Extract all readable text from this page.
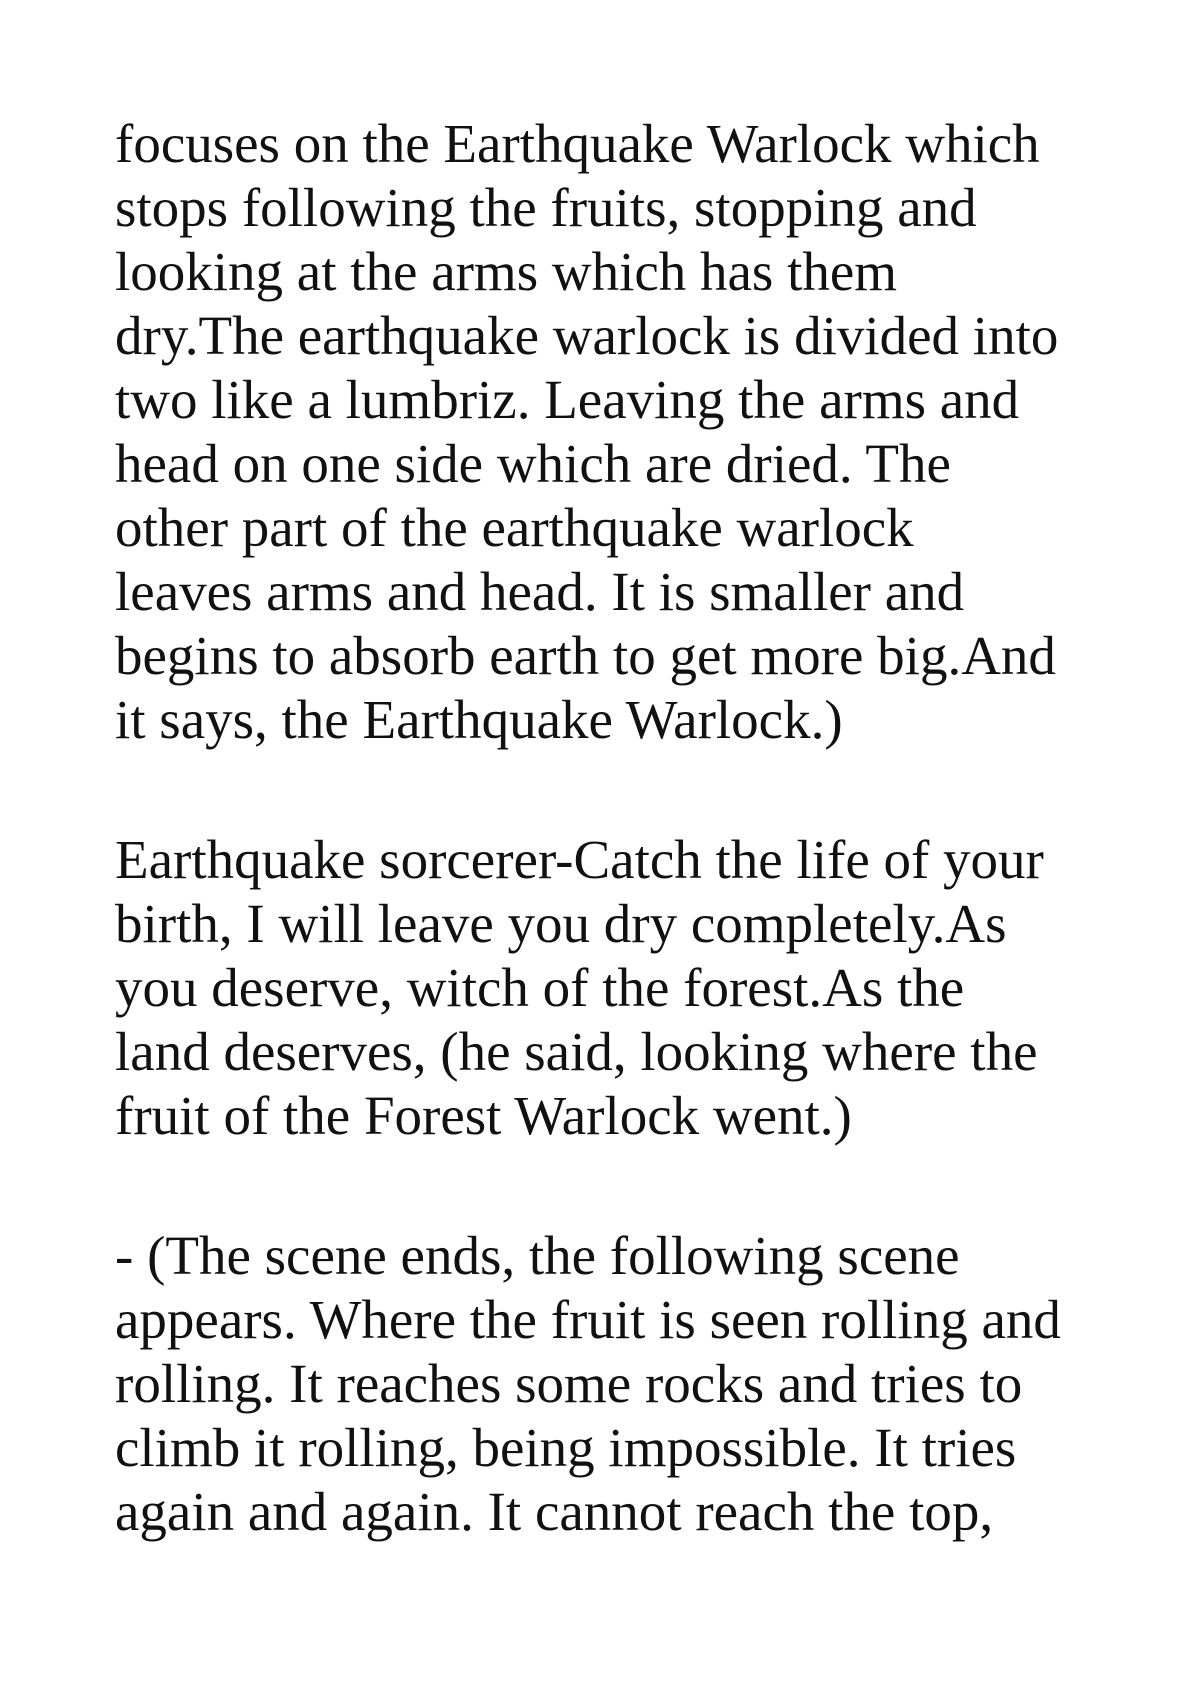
focuses on the Earthquake Warlock which

stops following the fruits, stopping and

looking at the arms which has them

dry.The earthquake warlock is divided into

two like a lumbriz. Leaving the arms and

head on one side which are dried. The

other part of the earthquake warlock

leaves arms and head. It is smaller and

begins to absorb earth to get more big.And

it says, the Earthquake Warlock.)

Earthquake sorcerer-Catch the life of your

birth, I will leave you dry completely.As

you deserve, witch of the forest.As the

land deserves, (he said, looking where the

fruit of the Forest Warlock went.)

- (The scene ends, the following scene

appears. Where the fruit is seen rolling and

rolling. It reaches some rocks and tries to

climb it rolling, being impossible. It tries

again and again. It cannot reach the top,
